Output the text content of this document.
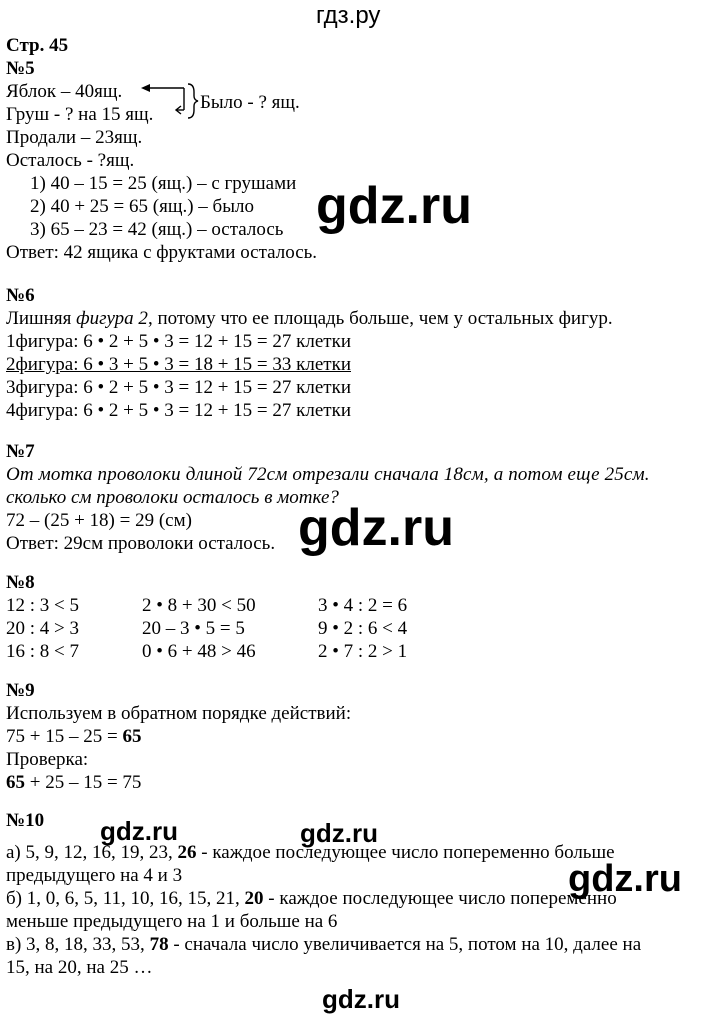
гдз.ру
Стр. 45
№5
Яблок – 40ящ.
Груш - ? на 15 ящ.
Было - ? ящ.
Продали – 23ящ.
Осталось - ?ящ.
1) 40 – 15 = 25 (ящ.) – с грушами
2) 40 + 25 = 65 (ящ.) – было
3) 65 – 23 = 42 (ящ.) – осталось
Ответ: 42 ящика с фруктами осталось.
gdz.ru
№6
Лишняя фигура 2, потому что ее площадь больше, чем у остальных фигур.
1фигура: 6 • 2 + 5 • 3 = 12 + 15 = 27 клетки
2фигура: 6 • 3 + 5 • 3 = 18 + 15 = 33 клетки
3фигура: 6 • 2 + 5 • 3 = 12 + 15 = 27 клетки
4фигура: 6 • 2 + 5 • 3 = 12 + 15 = 27 клетки
№7
От мотка проволоки длиной 72см отрезали сначала 18см, а потом еще 25см.
сколько см проволоки осталось в мотке?
72 – (25 + 18) = 29 (см)
Ответ: 29см проволоки осталось. gdz.ru
№8
12 : 3 < 5
20 : 4 > 3
16 : 8 < 7
2 • 8 + 30 < 50
20 – 3 • 5 = 5
0 • 6 + 48 > 46
3 • 4 : 2 = 6
9 • 2 : 6 < 4
2 • 7 : 2 > 1
№9
Используем в обратном порядке действий:
75 + 15 – 25 = 65
Проверка:
65 + 25 – 15 = 75
№10 gdz.ru	gdz.ru
а) 5, 9, 12, 16, 19, 23, 26 - каждое последующее число попеременно больше
предыдущего на 4 и 3
б) 1, 0, 6, 5, 11, 10, 16, 15, 21, 20 - каждое последующее число попеременно
меньше предыдущего на 1 и больше на 6
в) 3, 8, 18, 33, 53, 78 - сначала число увеличивается на 5, потом на 10, далее на
15, на 20, на 25 …
gdz.ru
gdz.ru
